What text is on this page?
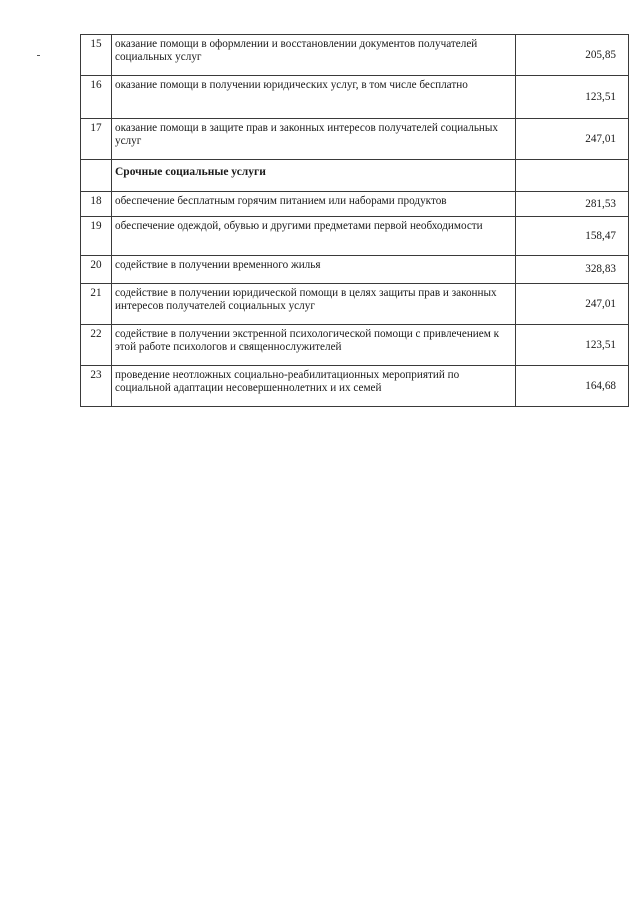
15	оказание помощи в оформлении и восстановлении документов получателей социальных услуг	205,85
16	оказание помощи в получении юридических услуг, в том числе бесплатно	123,51
17	оказание помощи в защите прав и законных интересов получателей социальных услуг	247,01
	Срочные социальные услуги	
18	обеспечение бесплатным горячим питанием или наборами продуктов	281,53
19	обеспечение одеждой, обувью и другими предметами первой необходимости	158,47
20	содействие в получении временного жилья	328,83
21	содействие в получении юридической помощи в целях защиты прав и законных интересов получателей социальных услуг	247,01
22	содействие в получении экстренной психологической помощи с привлечением к этой работе психологов и священнослужителей	123,51
23	проведение неотложных социально-реабилитационных мероприятий по социальной адаптации несовершеннолетних и их семей	164,68
